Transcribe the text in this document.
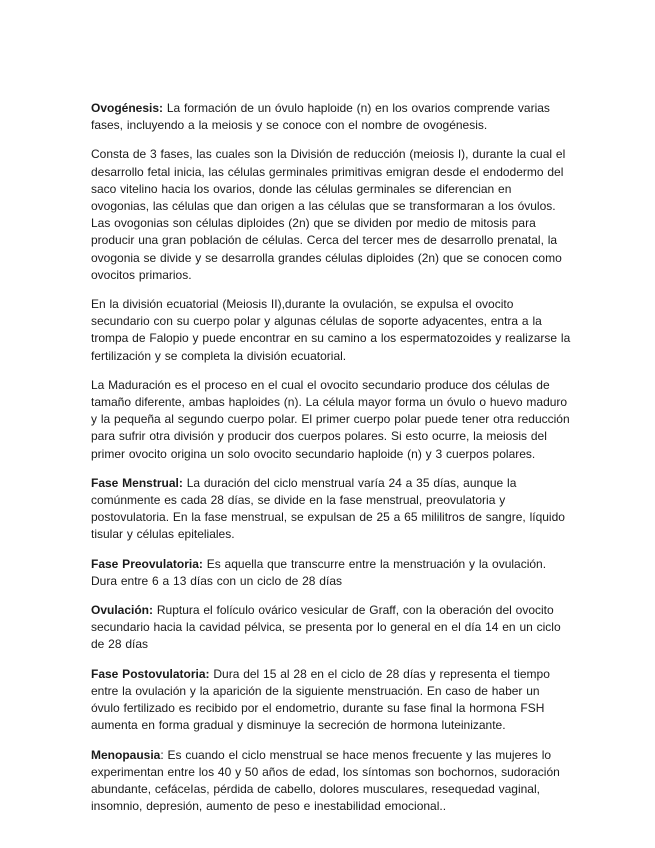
Ovogénesis: La formación de un óvulo haploide (n) en los ovarios comprende varias fases, incluyendo a la meiosis y se conoce con el nombre de ovogénesis.

Consta de 3 fases, las cuales son la División de reducción (meiosis I), durante la cual el desarrollo fetal inicia, las células germinales primitivas emigran desde el endodermo del saco vitelino hacia los ovarios, donde las células germinales se diferencian en ovogonias, las células que dan origen a las células que se transformaran a los óvulos. Las ovogonias son células diploides (2n) que se dividen por medio de mitosis para producir una gran población de células. Cerca del tercer mes de desarrollo prenatal, la ovogonia se divide y se desarrolla grandes células diploides (2n) que se conocen como ovocitos primarios.

En la división ecuatorial (Meiosis II),durante la ovulación, se expulsa el ovocito secundario con su cuerpo polar y algunas células de soporte adyacentes, entra a la trompa de Falopio y puede encontrar en su camino a los espermatozoides y realizarse la fertilización y se completa la división ecuatorial.

La Maduración es el proceso en el cual el ovocito secundario produce dos células de tamaño diferente, ambas haploides (n). La célula mayor forma un óvulo o huevo maduro y la pequeña al segundo cuerpo polar. El primer cuerpo polar puede tener otra reducción para sufrir otra división y producir dos cuerpos polares. Si esto ocurre, la meiosis del primer ovocito origina un solo ovocito secundario haploide (n) y 3 cuerpos polares.

Fase Menstrual: La duración del ciclo menstrual varía 24 a 35 días, aunque la comúnmente es cada 28 días, se divide en la fase menstrual, preovulatoria y postovulatoria. En la fase menstrual, se expulsan de 25 a 65 mililitros de sangre, líquido tisular y células epiteliales.

Fase Preovulatoria: Es aquella que transcurre entre la menstruación y la ovulación. Dura entre 6 a 13 días con un ciclo de 28 días

Ovulación: Ruptura el folículo ovárico vesicular de Graff, con la oberación del ovocito secundario hacia la cavidad pélvica, se presenta por lo general en el día 14 en un ciclo de 28 días

Fase Postovulatoria: Dura del 15 al 28 en el ciclo de 28 días y representa el tiempo entre la ovulación y la aparición de la siguiente menstruación. En caso de haber un óvulo fertilizado es recibido por el endometrio, durante su fase final la hormona FSH aumenta en forma gradual y disminuye la secreción de hormona luteinizante.

Menopausia: Es cuando el ciclo menstrual se hace menos frecuente y las mujeres lo experimentan entre los 40 y 50 años de edad, los síntomas son bochornos, sudoración abundante, cefáceIas, pérdida de cabello, dolores musculares, resequedad vaginal, insomnio, depresión, aumento de peso e inestabilidad emocional..
